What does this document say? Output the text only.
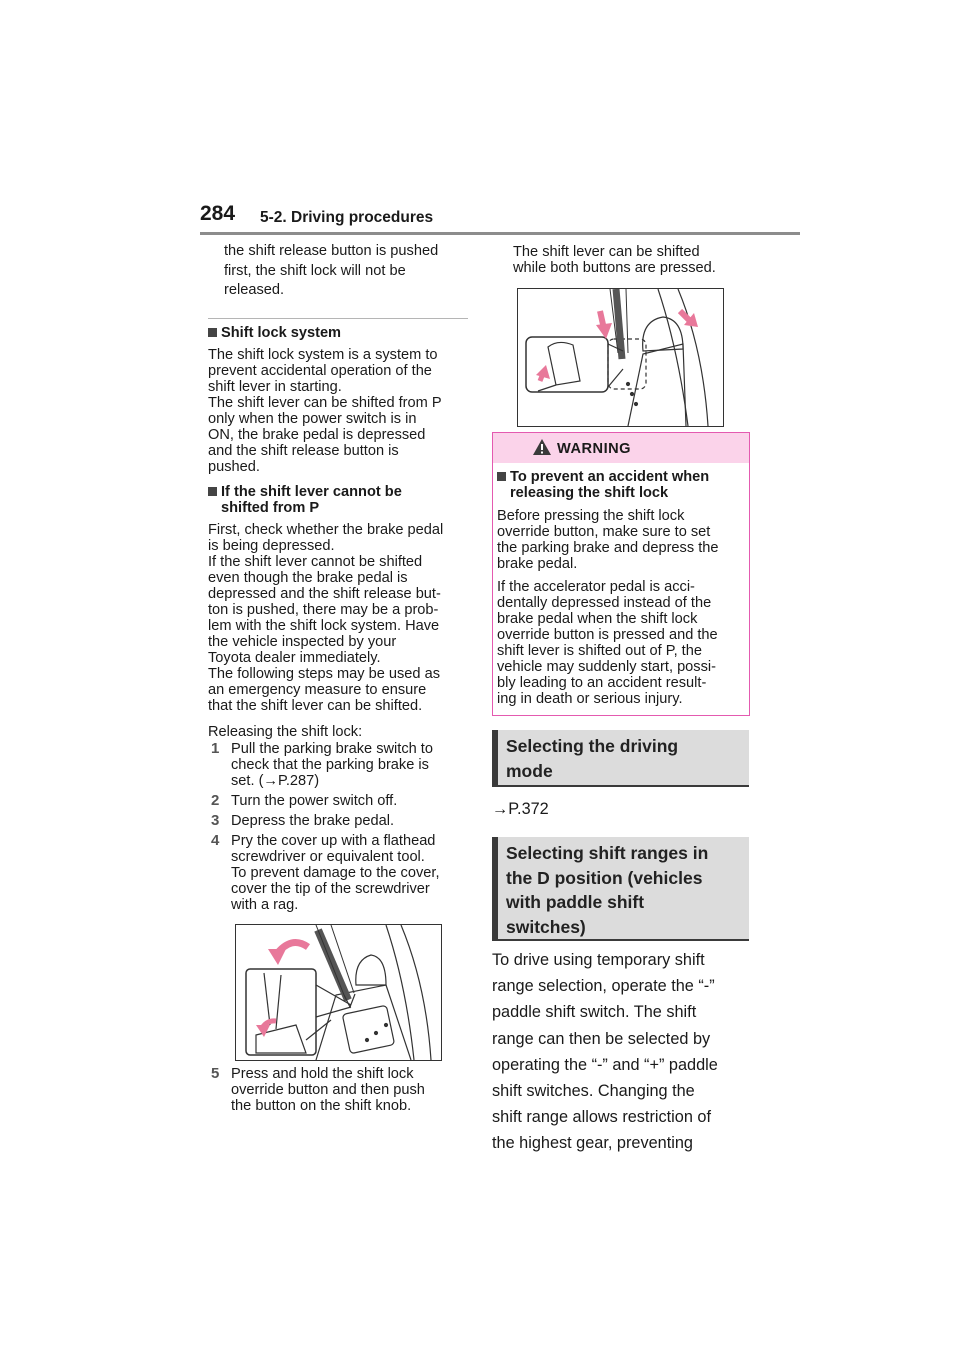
284 5-2. Driving procedures
the shift release button is pushed
first, the shift lock will not be
released.
Shift lock system
The shift lock system is a system to
prevent accidental operation of the
shift lever in starting.
The shift lever can be shifted from P
only when the power switch is in
ON, the brake pedal is depressed
and the shift release button is
pushed.
If the shift lever cannot be
shifted from P
First, check whether the brake pedal
is being depressed.
If the shift lever cannot be shifted
even though the brake pedal is
depressed and the shift release but-
ton is pushed, there may be a prob-
lem with the shift lock system. Have
the vehicle inspected by your
Toyota dealer immediately.
The following steps may be used as
an emergency measure to ensure
that the shift lever can be shifted.
Releasing the shift lock:
1 Pull the parking brake switch to
check that the parking brake is
set. (→P.287)
2 Turn the power switch off.
3 Depress the brake pedal.
4 Pry the cover up with a flathead
screwdriver or equivalent tool.
To prevent damage to the cover,
cover the tip of the screwdriver
with a rag.
5 Press and hold the shift lock
override button and then push
the button on the shift knob.
The shift lever can be shifted
while both buttons are pressed.
WARNING
To prevent an accident when
releasing the shift lock
Before pressing the shift lock
override button, make sure to set
the parking brake and depress the
brake pedal.
If the accelerator pedal is acci-
dentally depressed instead of the
brake pedal when the shift lock
override button is pressed and the
shift lever is shifted out of P, the
vehicle may suddenly start, possi-
bly leading to an accident result-
ing in death or serious injury.
Selecting the driving
mode
→P.372
Selecting shift ranges in
the D position (vehicles
with paddle shift
switches)
To drive using temporary shift
range selection, operate the “-”
paddle shift switch. The shift
range can then be selected by
operating the “-” and “+” paddle
shift switches. Changing the
shift range allows restriction of
the highest gear, preventing
